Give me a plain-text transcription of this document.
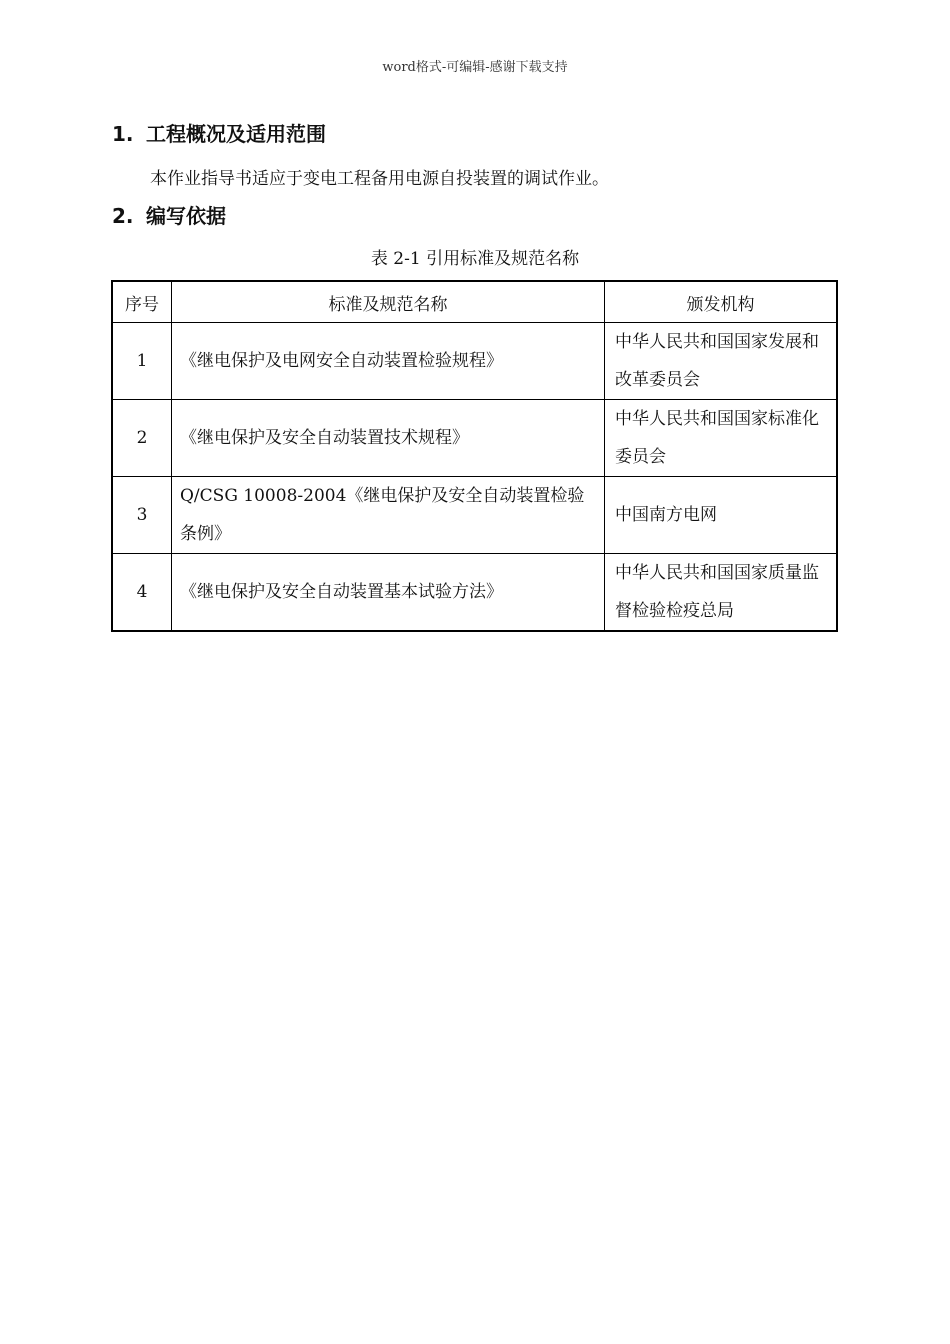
word格式-可编辑-感谢下载支持
1. 工程概况及适用范围
本作业指导书适应于变电工程备用电源自投装置的调试作业。
2. 编写依据
表 2-1 引用标准及规范名称
序号	标准及规范名称	颁发机构
1	《继电保护及电网安全自动装置检验规程》	中华人民共和国国家发展和改革委员会
2	《继电保护及安全自动装置技术规程》	中华人民共和国国家标准化委员会
3	Q/CSG 10008-2004《继电保护及安全自动装置检验条例》	中国南方电网
4	《继电保护及安全自动装置基本试验方法》	中华人民共和国国家质量监督检验检疫总局
